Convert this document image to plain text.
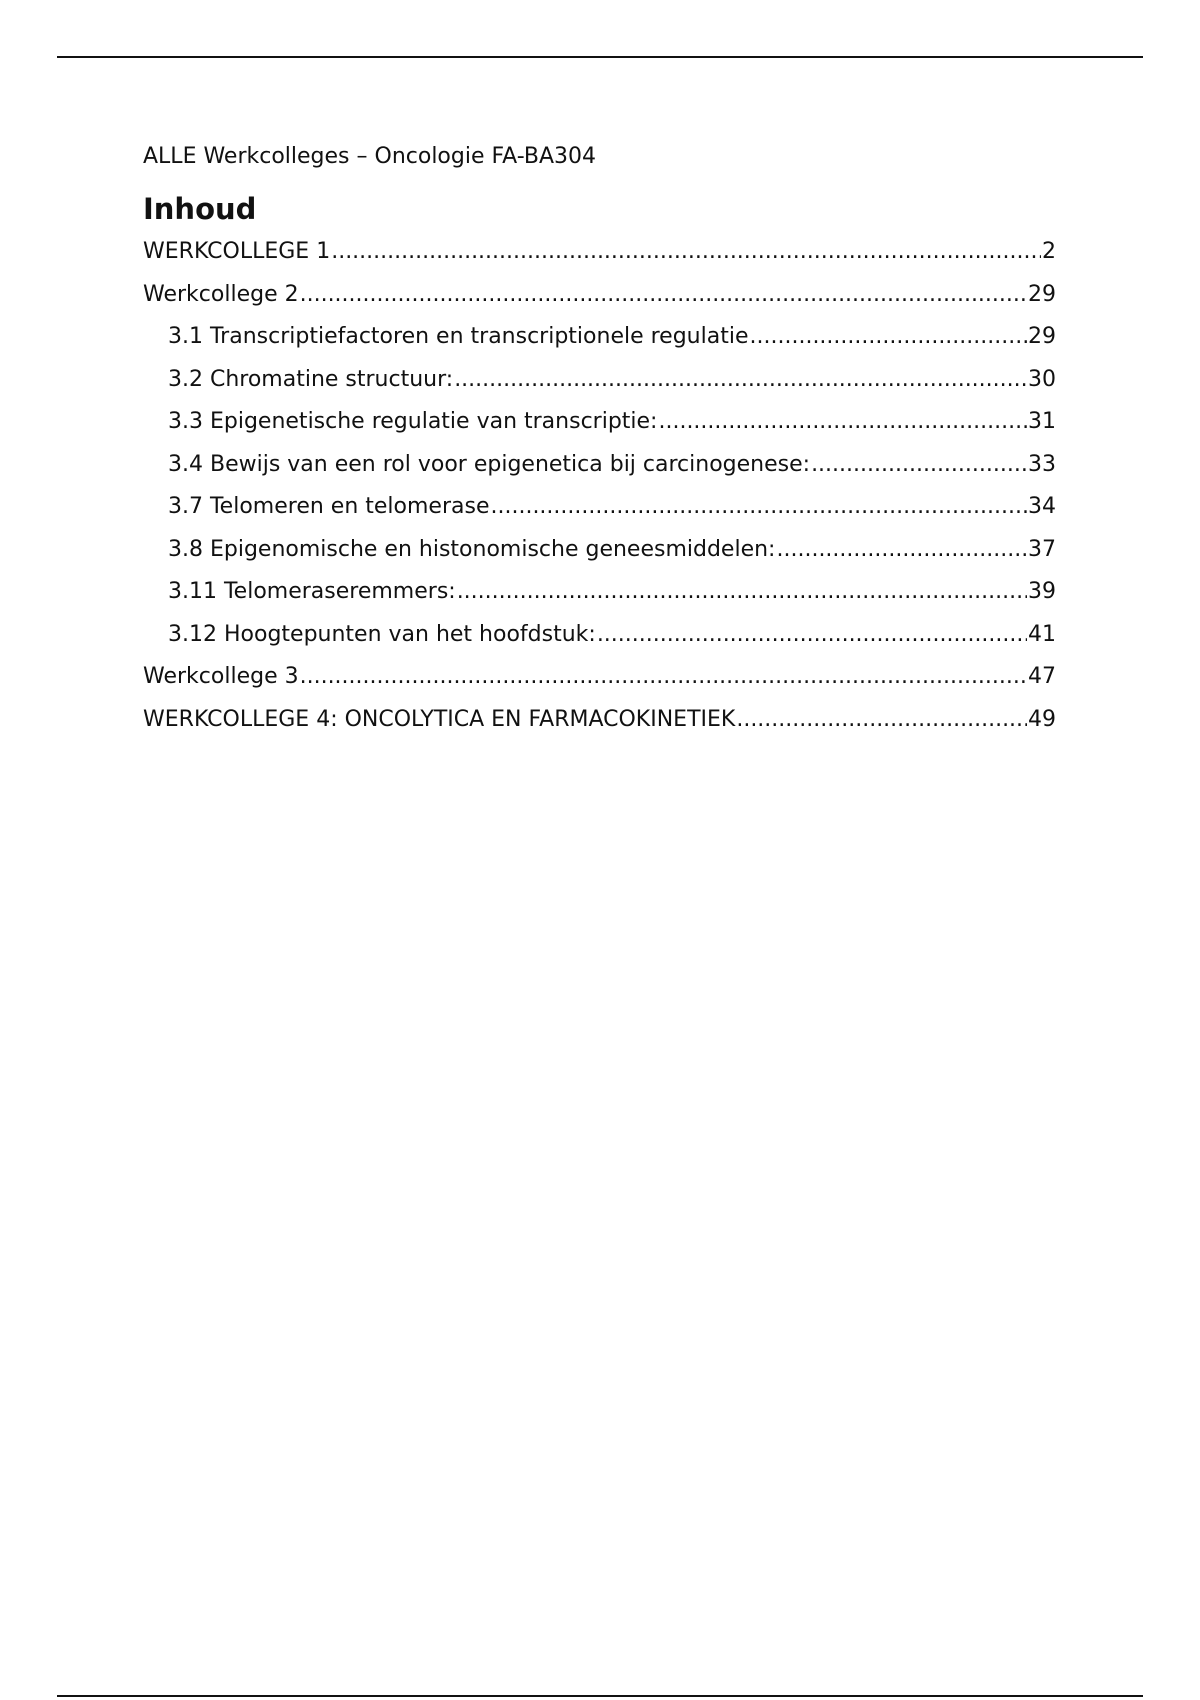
ALLE Werkcolleges – Oncologie FA-BA304

Inhoud
WERKCOLLEGE 1 .....	2
Werkcollege 2 .....	29
3.1 Transcriptiefactoren en transcriptionele regulatie .....	29
3.2 Chromatine structuur: .....	30
3.3 Epigenetische regulatie van transcriptie: .....	31
3.4 Bewijs van een rol voor epigenetica bij carcinogenese: .....	33
3.7 Telomeren en telomerase .....	34
3.8 Epigenomische en histonomische geneesmiddelen: .....	37
3.11 Telomeraseremmers: .....	39
3.12 Hoogtepunten van het hoofdstuk: .....	41
Werkcollege 3 .....	47
WERKCOLLEGE 4: ONCOLYTICA EN FARMACOKINETIEK .....	49
